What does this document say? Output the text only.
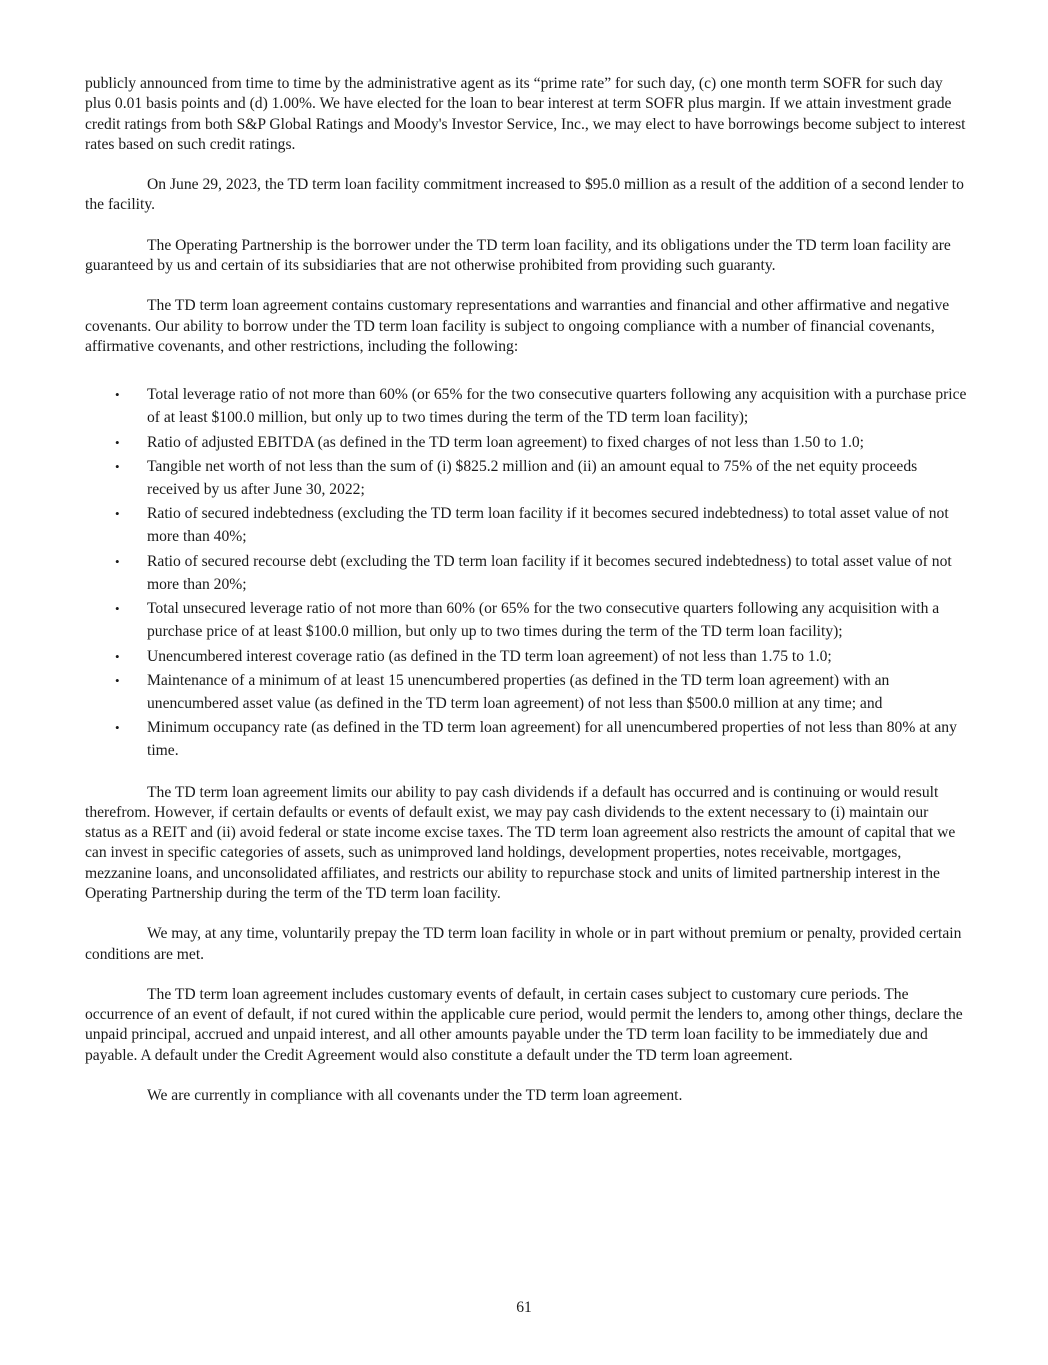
publicly announced from time to time by the administrative agent as its “prime rate” for such day, (c) one month term SOFR for such day plus 0.01 basis points and (d) 1.00%. We have elected for the loan to bear interest at term SOFR plus margin. If we attain investment grade credit ratings from both S&P Global Ratings and Moody's Investor Service, Inc., we may elect to have borrowings become subject to interest rates based on such credit ratings.

On June 29, 2023, the TD term loan facility commitment increased to $95.0 million as a result of the addition of a second lender to the facility.

The Operating Partnership is the borrower under the TD term loan facility, and its obligations under the TD term loan facility are guaranteed by us and certain of its subsidiaries that are not otherwise prohibited from providing such guaranty.

The TD term loan agreement contains customary representations and warranties and financial and other affirmative and negative covenants. Our ability to borrow under the TD term loan facility is subject to ongoing compliance with a number of financial covenants, affirmative covenants, and other restrictions, including the following:

• Total leverage ratio of not more than 60% (or 65% for the two consecutive quarters following any acquisition with a purchase price of at least $100.0 million, but only up to two times during the term of the TD term loan facility);
• Ratio of adjusted EBITDA (as defined in the TD term loan agreement) to fixed charges of not less than 1.50 to 1.0;
• Tangible net worth of not less than the sum of (i) $825.2 million and (ii) an amount equal to 75% of the net equity proceeds received by us after June 30, 2022;
• Ratio of secured indebtedness (excluding the TD term loan facility if it becomes secured indebtedness) to total asset value of not more than 40%;
• Ratio of secured recourse debt (excluding the TD term loan facility if it becomes secured indebtedness) to total asset value of not more than 20%;
• Total unsecured leverage ratio of not more than 60% (or 65% for the two consecutive quarters following any acquisition with a purchase price of at least $100.0 million, but only up to two times during the term of the TD term loan facility);
• Unencumbered interest coverage ratio (as defined in the TD term loan agreement) of not less than 1.75 to 1.0;
• Maintenance of a minimum of at least 15 unencumbered properties (as defined in the TD term loan agreement) with an unencumbered asset value (as defined in the TD term loan agreement) of not less than $500.0 million at any time; and
• Minimum occupancy rate (as defined in the TD term loan agreement) for all unencumbered properties of not less than 80% at any time.

The TD term loan agreement limits our ability to pay cash dividends if a default has occurred and is continuing or would result therefrom. However, if certain defaults or events of default exist, we may pay cash dividends to the extent necessary to (i) maintain our status as a REIT and (ii) avoid federal or state income excise taxes. The TD term loan agreement also restricts the amount of capital that we can invest in specific categories of assets, such as unimproved land holdings, development properties, notes receivable, mortgages, mezzanine loans, and unconsolidated affiliates, and restricts our ability to repurchase stock and units of limited partnership interest in the Operating Partnership during the term of the TD term loan facility.

We may, at any time, voluntarily prepay the TD term loan facility in whole or in part without premium or penalty, provided certain conditions are met.

The TD term loan agreement includes customary events of default, in certain cases subject to customary cure periods. The occurrence of an event of default, if not cured within the applicable cure period, would permit the lenders to, among other things, declare the unpaid principal, accrued and unpaid interest, and all other amounts payable under the TD term loan facility to be immediately due and payable. A default under the Credit Agreement would also constitute a default under the TD term loan agreement.

We are currently in compliance with all covenants under the TD term loan agreement.

61
